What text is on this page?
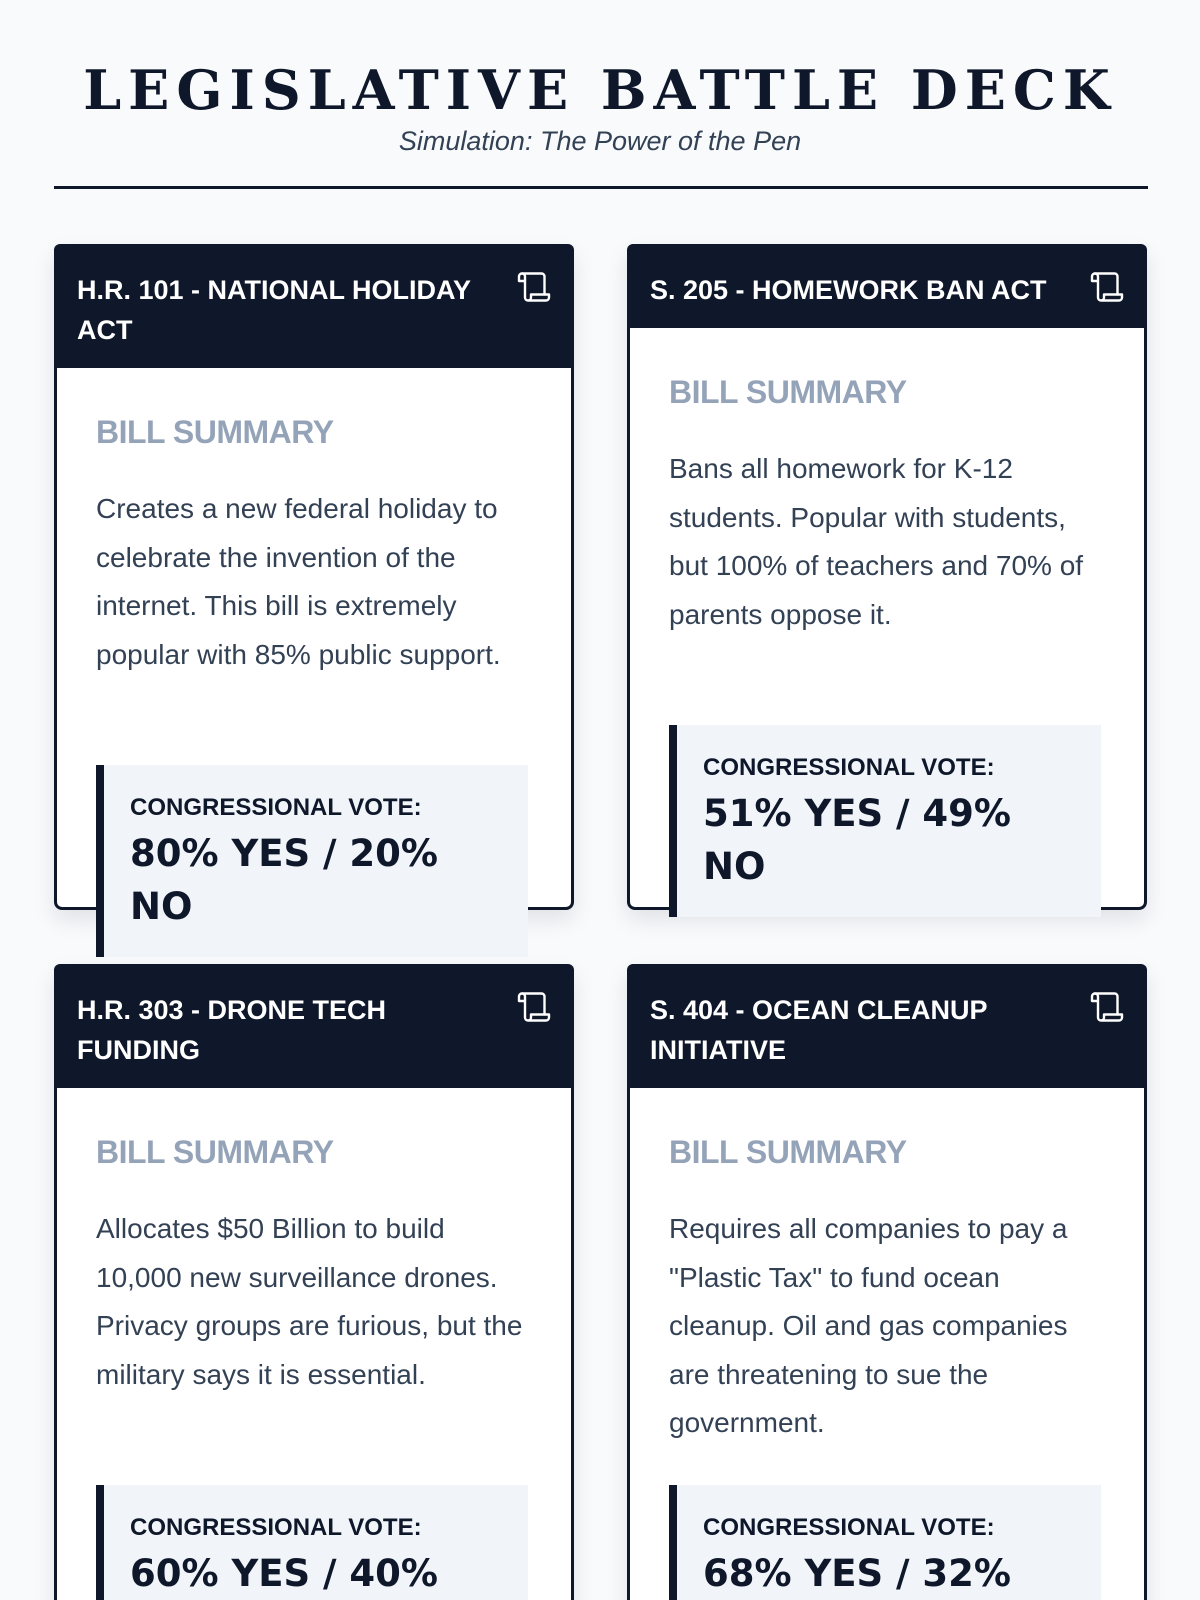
LEGISLATIVE BATTLE DECK
Simulation: The Power of the Pen
H.R. 101 - NATIONAL HOLIDAY ACT
BILL SUMMARY
Creates a new federal holiday to celebrate the invention of the internet. This bill is extremely popular with 85% public support.
CONGRESSIONAL VOTE:
80% YES / 20% NO
S. 205 - HOMEWORK BAN ACT
BILL SUMMARY
Bans all homework for K-12 students. Popular with students, but 100% of teachers and 70% of parents oppose it.
CONGRESSIONAL VOTE:
51% YES / 49% NO
H.R. 303 - DRONE TECH FUNDING
BILL SUMMARY
Allocates $50 Billion to build 10,000 new surveillance drones. Privacy groups are furious, but the military says it is essential.
CONGRESSIONAL VOTE:
60% YES / 40%
S. 404 - OCEAN CLEANUP INITIATIVE
BILL SUMMARY
Requires all companies to pay a "Plastic Tax" to fund ocean cleanup. Oil and gas companies are threatening to sue the government.
CONGRESSIONAL VOTE:
68% YES / 32%
